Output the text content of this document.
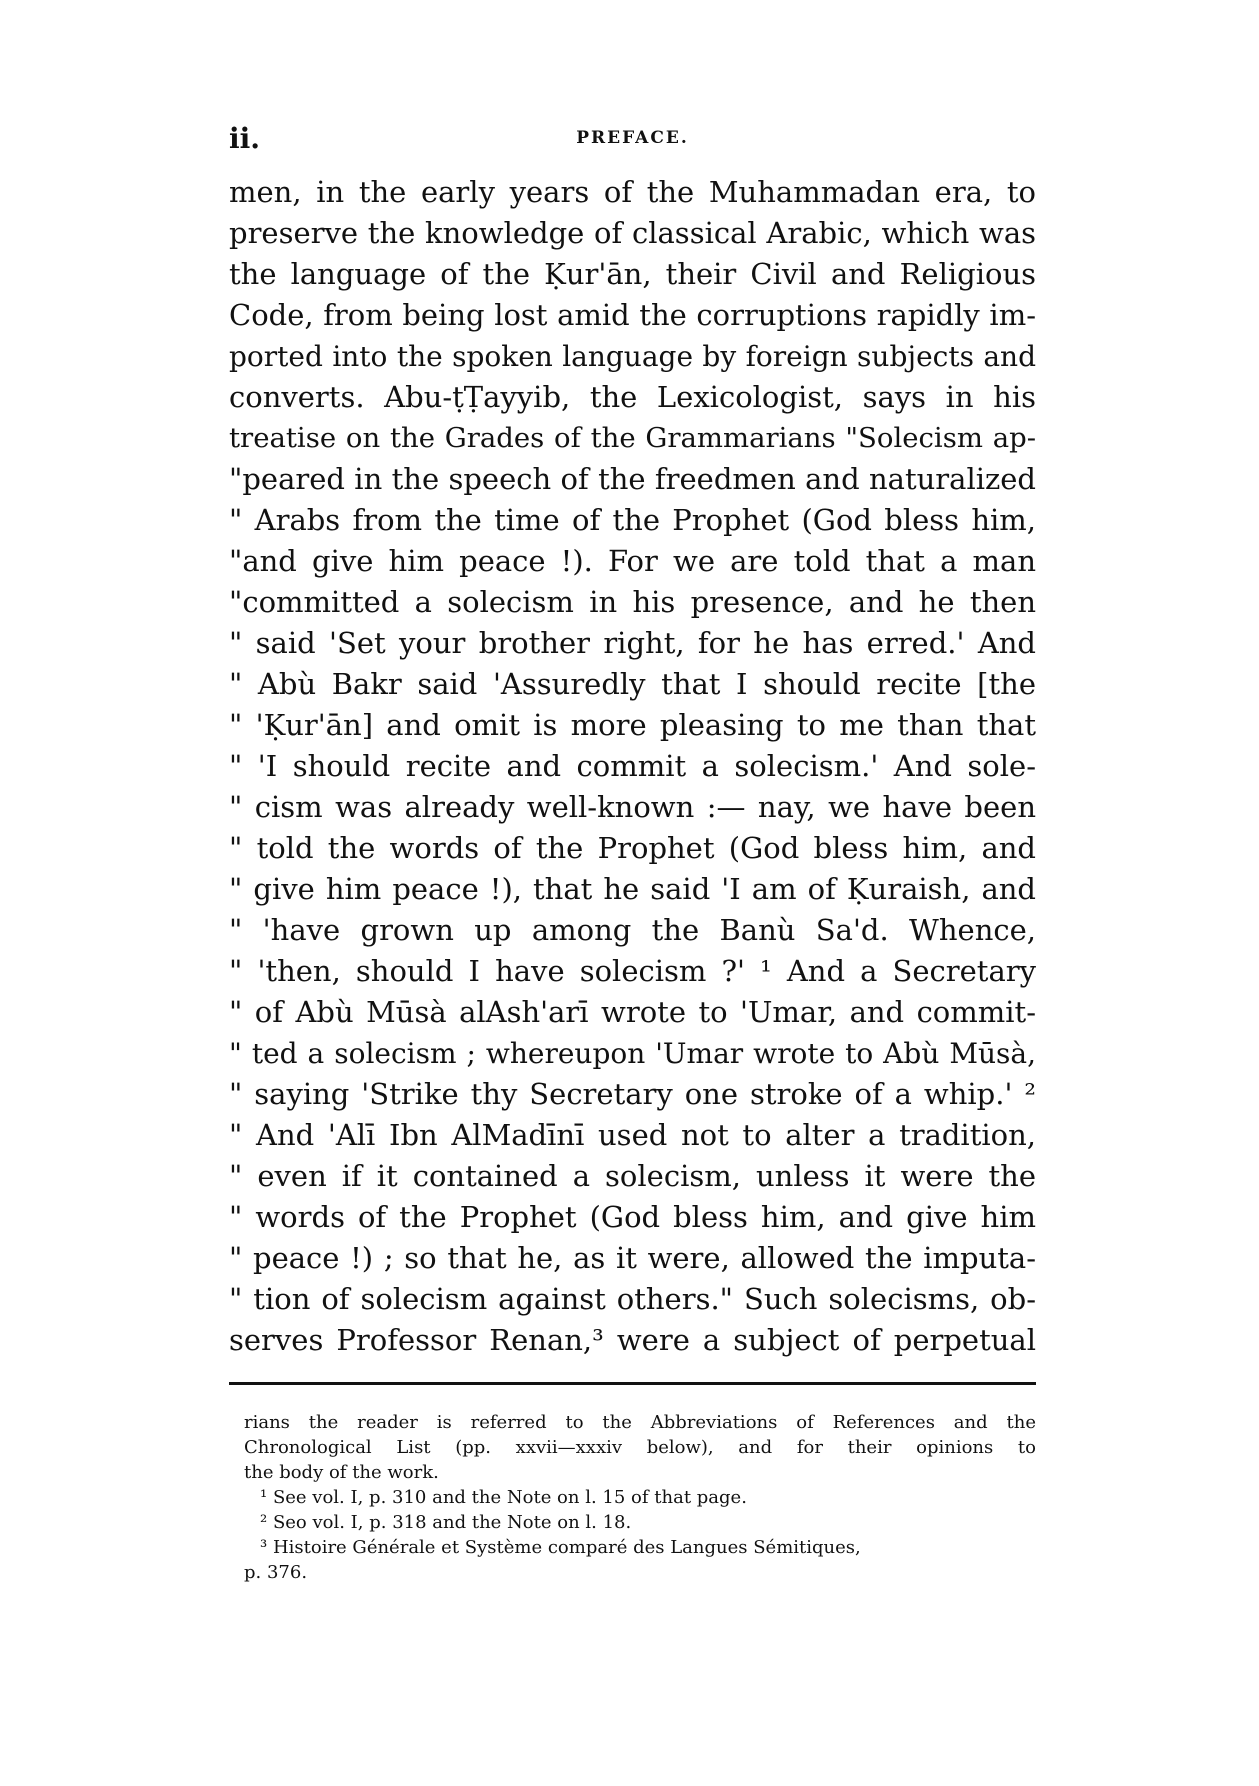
ii.	PREFACE.
men, in the early years of the Muhammadan era, to
preserve the knowledge of classical Arabic, which was
the language of the Ḳur'ān, their Civil and Religious
Code, from being lost amid the corruptions rapidly im-
ported into the spoken language by foreign subjects and
converts. Abu-ṭṬayyib, the Lexicologist, says in his
treatise on the Grades of the Grammarians "Solecism ap-
"peared in the speech of the freedmen and naturalized
" Arabs from the time of the Prophet (God bless him,
"and give him peace !). For we are told that a man
"committed a solecism in his presence, and he then
" said 'Set your brother right, for he has erred.' And
" Abù Bakr said 'Assuredly that I should recite [the
" 'Ḳur'ān] and omit is more pleasing to me than that
" 'I should recite and commit a solecism.' And sole-
" cism was already well-known :— nay, we have been
" told the words of the Prophet (God bless him, and
" give him peace !), that he said 'I am of Ḳuraish, and
" 'have grown up among the Banù Sa'd. Whence,
" 'then, should I have solecism ?' ¹ And a Secretary
" of Abù Mūsà alAsh'arī wrote to 'Umar, and commit-
" ted a solecism ; whereupon 'Umar wrote to Abù Mūsà,
" saying 'Strike thy Secretary one stroke of a whip.' ²
" And 'Alī Ibn AlMadīnī used not to alter a tradition,
" even if it contained a solecism, unless it were the
" words of the Prophet (God bless him, and give him
" peace !) ; so that he, as it were, allowed the imputa-
" tion of solecism against others." Such solecisms, ob-
serves Professor Renan,³ were a subject of perpetual
rians the reader is referred to the Abbreviations of References and the
Chronological List (pp. xxvii—xxxiv below), and for their opinions to
the body of the work.
¹ See vol. I, p. 310 and the Note on l. 15 of that page.
² Seo vol. I, p. 318 and the Note on l. 18.
³ Histoire Générale et Système comparé des Langues Sémitiques,
p. 376.
